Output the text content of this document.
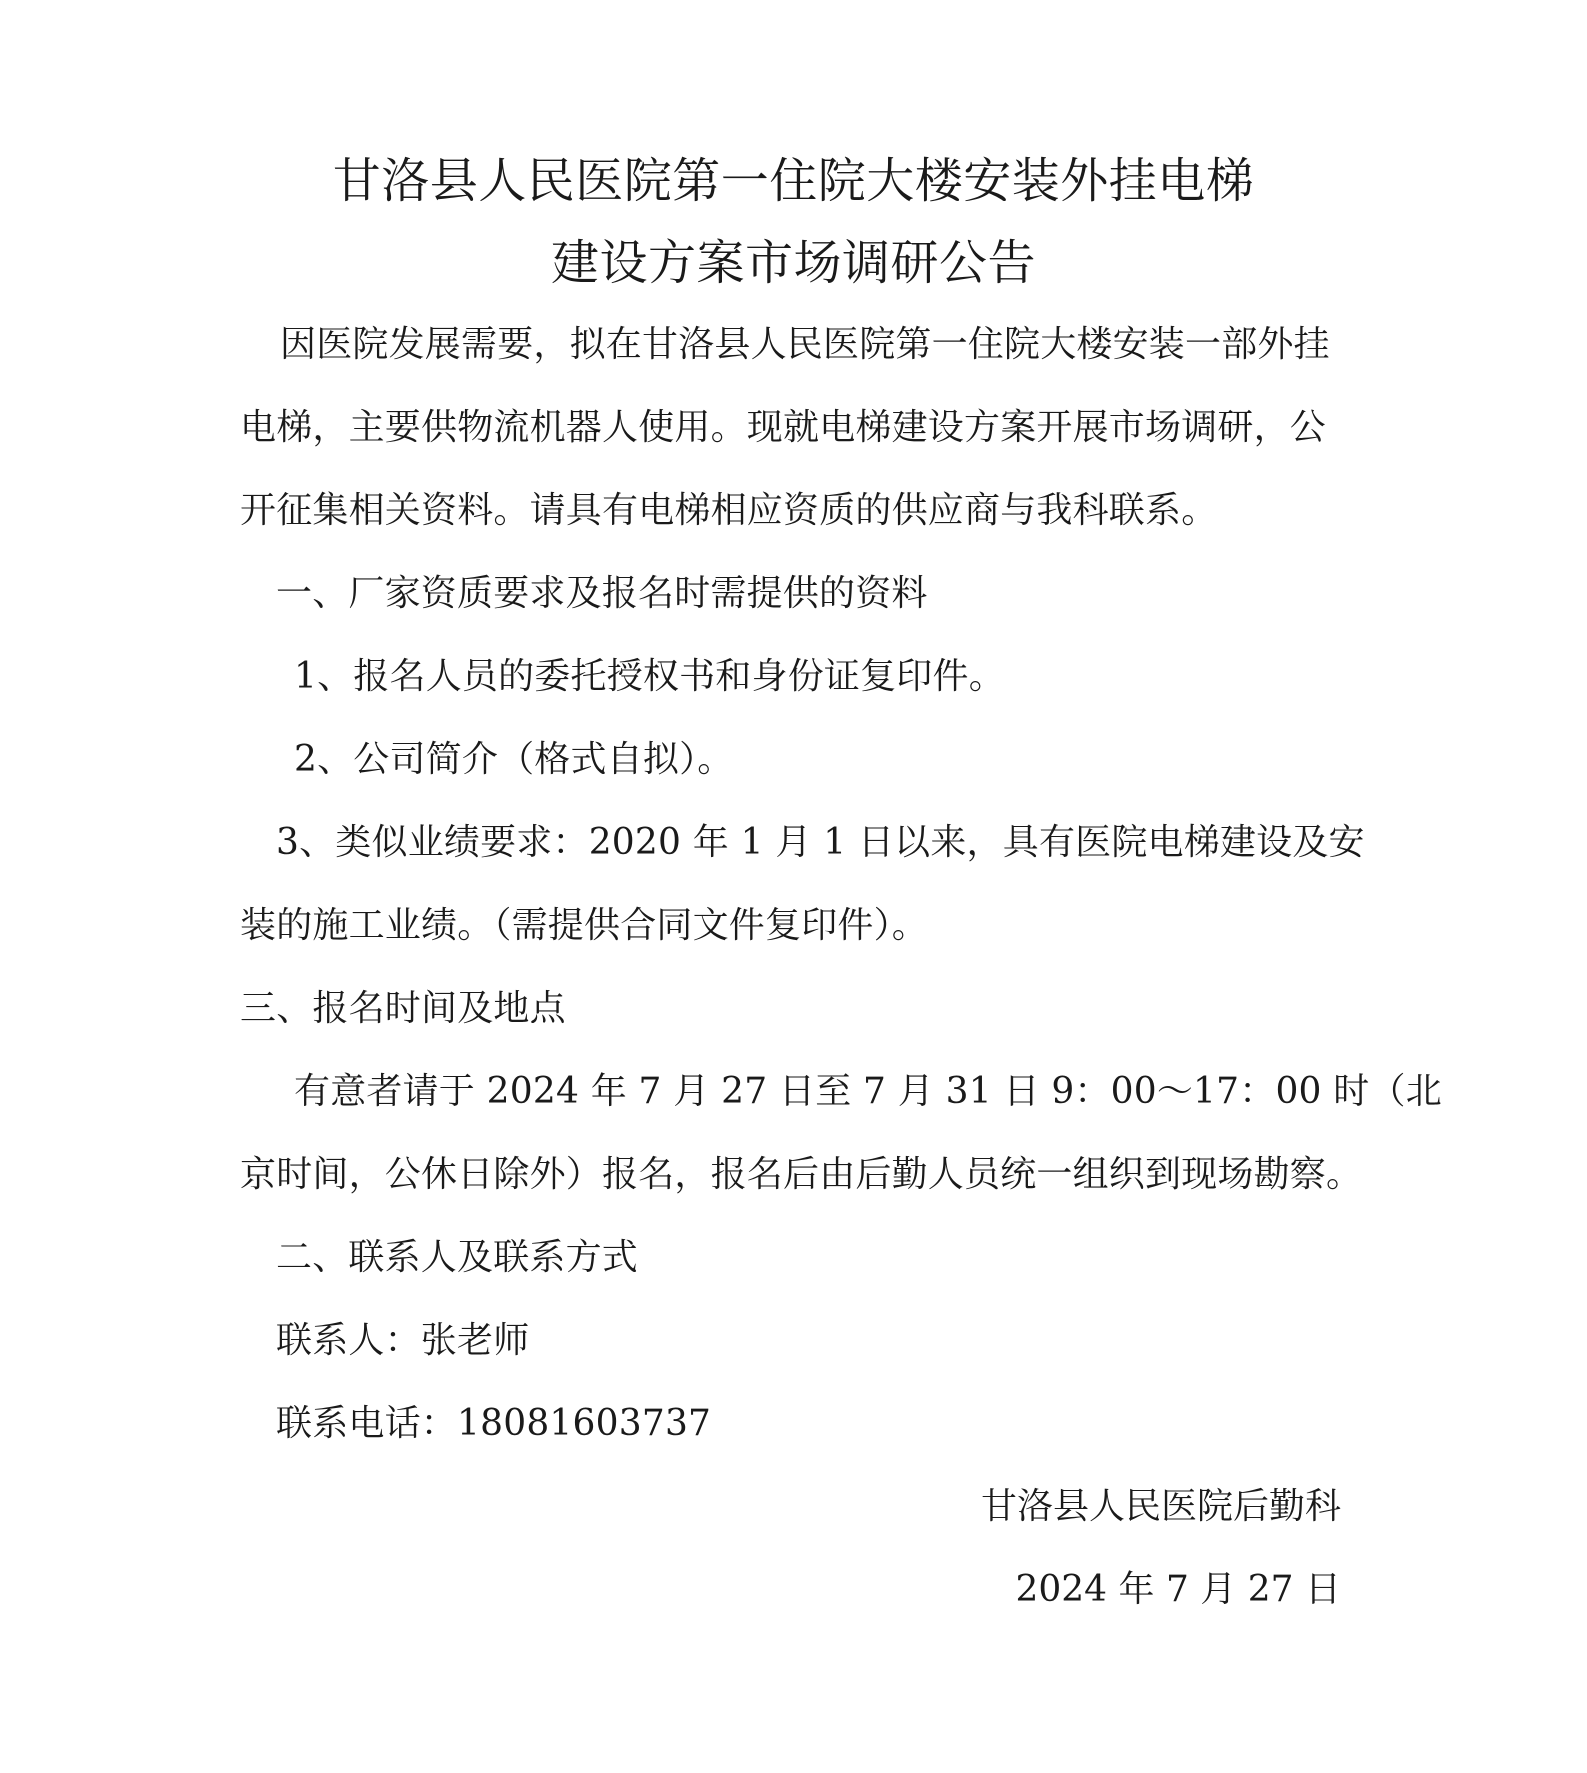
甘洛县人民医院第一住院大楼安装外挂电梯
建设方案市场调研公告
因医院发展需要，拟在甘洛县人民医院第一住院大楼安装一部外挂
电梯，主要供物流机器人使用。现就电梯建设方案开展市场调研，公
开征集相关资料。请具有电梯相应资质的供应商与我科联系。
一、厂家资质要求及报名时需提供的资料
1、报名人员的委托授权书和身份证复印件。
2、公司简介（格式自拟）。
3、类似业绩要求：2020 年 1 月 1 日以来，具有医院电梯建设及安
装的施工业绩。（需提供合同文件复印件）。
三、报名时间及地点
有意者请于 2024 年 7 月 27 日至 7 月 31 日 9：00～17：00 时（北
京时间，公休日除外）报名，报名后由后勤人员统一组织到现场勘察。
二、联系人及联系方式
联系人：张老师
联系电话：18081603737
甘洛县人民医院后勤科
2024 年 7 月 27 日
